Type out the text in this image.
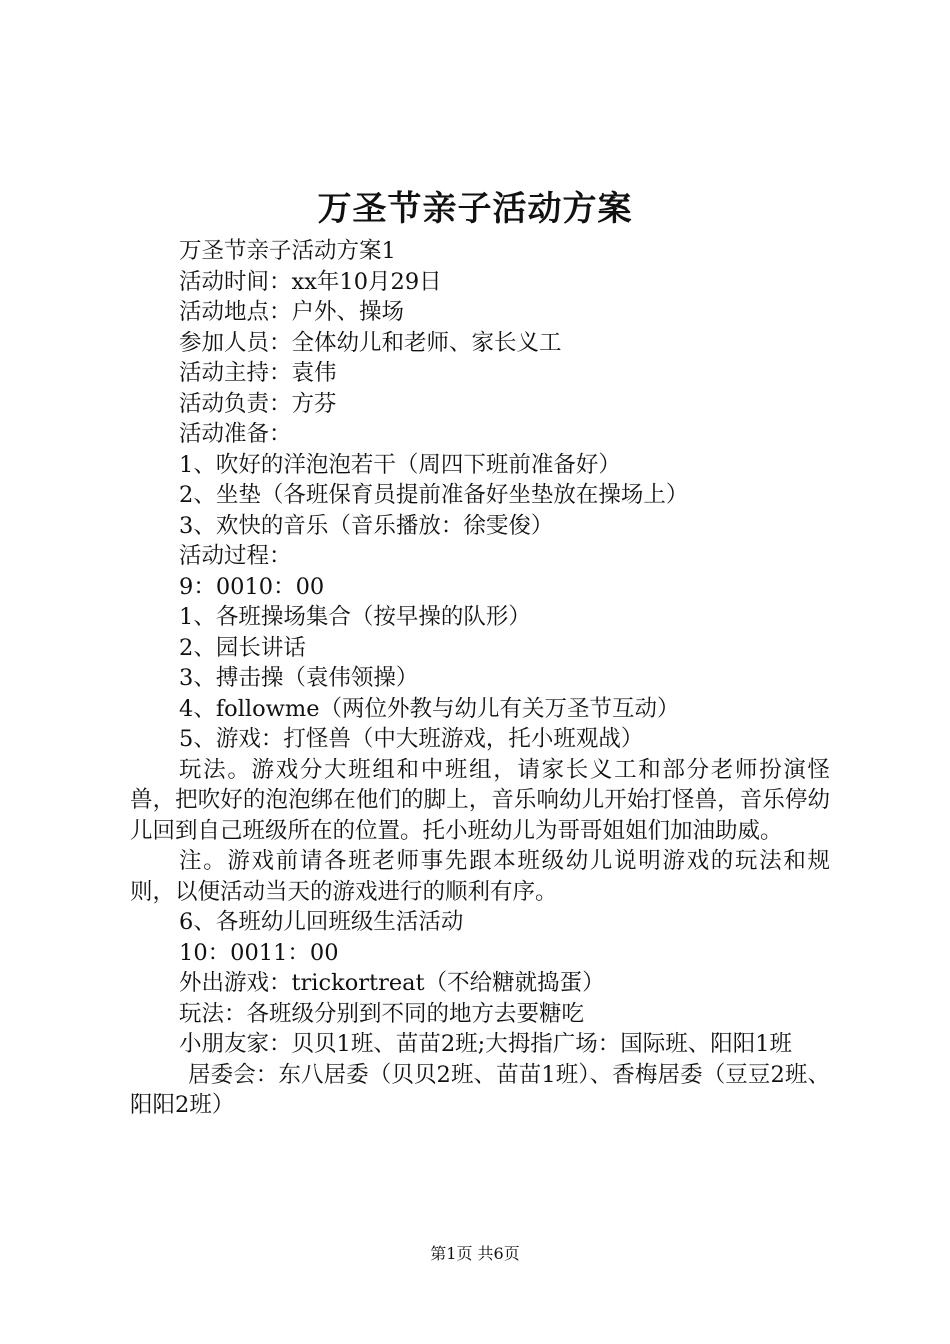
万圣节亲子活动方案

万圣节亲子活动方案1

活动时间：xx年10月29日

活动地点：户外、操场

参加人员：全体幼儿和老师、家长义工

活动主持：袁伟

活动负责：方芬

活动准备：

1、吹好的洋泡泡若干（周四下班前准备好）

2、坐垫（各班保育员提前准备好坐垫放在操场上）

3、欢快的音乐（音乐播放：徐雯俊）

活动过程：

9：0010：00

1、各班操场集合（按早操的队形）

2、园长讲话

3、搏击操（袁伟领操）

4、followme（两位外教与幼儿有关万圣节互动）

5、游戏：打怪兽（中大班游戏，托小班观战）

玩法。游戏分大班组和中班组，请家长义工和部分老师扮演怪兽，把吹好的泡泡绑在他们的脚上，音乐响幼儿开始打怪兽，音乐停幼儿回到自己班级所在的位置。托小班幼儿为哥哥姐姐们加油助威。

注。游戏前请各班老师事先跟本班级幼儿说明游戏的玩法和规则，以便活动当天的游戏进行的顺利有序。

6、各班幼儿回班级生活活动

10：0011：00

外出游戏：trickortreat（不给糖就捣蛋）

玩法：各班级分别到不同的地方去要糖吃

小朋友家：贝贝1班、苗苗2班;大拇指广场：国际班、阳阳1班

居委会：东八居委（贝贝2班、苗苗1班）、香梅居委（豆豆2班、阳阳2班）

第1页 共6页
